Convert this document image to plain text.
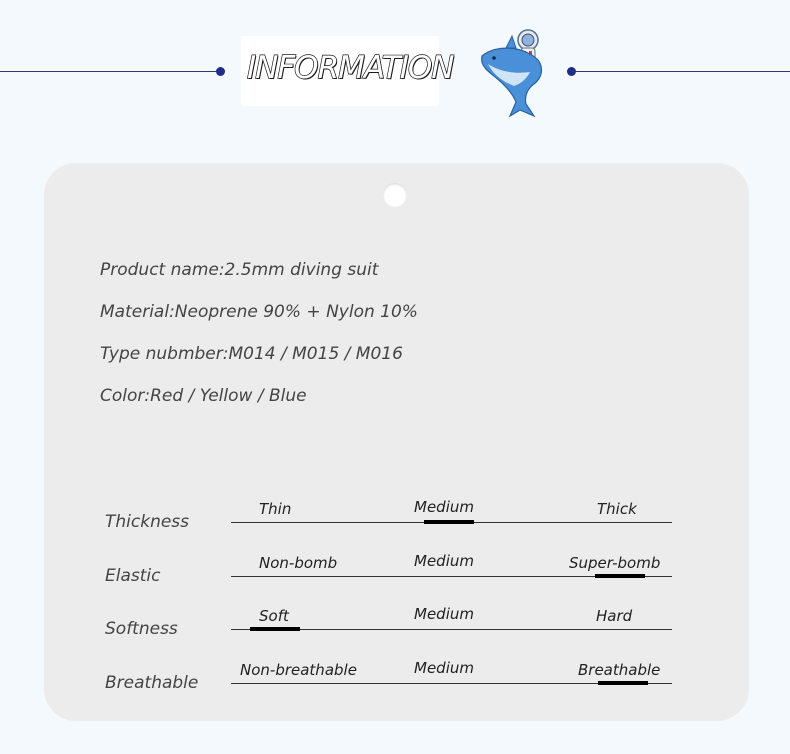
INFORMATION
Product name:2.5mm diving suit
Material:Neoprene 90% + Nylon 10%
Type nubmber:M014 / M015 / M016
Color:Red / Yellow / Blue
Thickness
Thin	Medium	Thick
Elastic
Non-bomb	Medium	Super-bomb
Softness
Soft	Medium	Hard
Breathable
Non-breathable	Medium	Breathable
